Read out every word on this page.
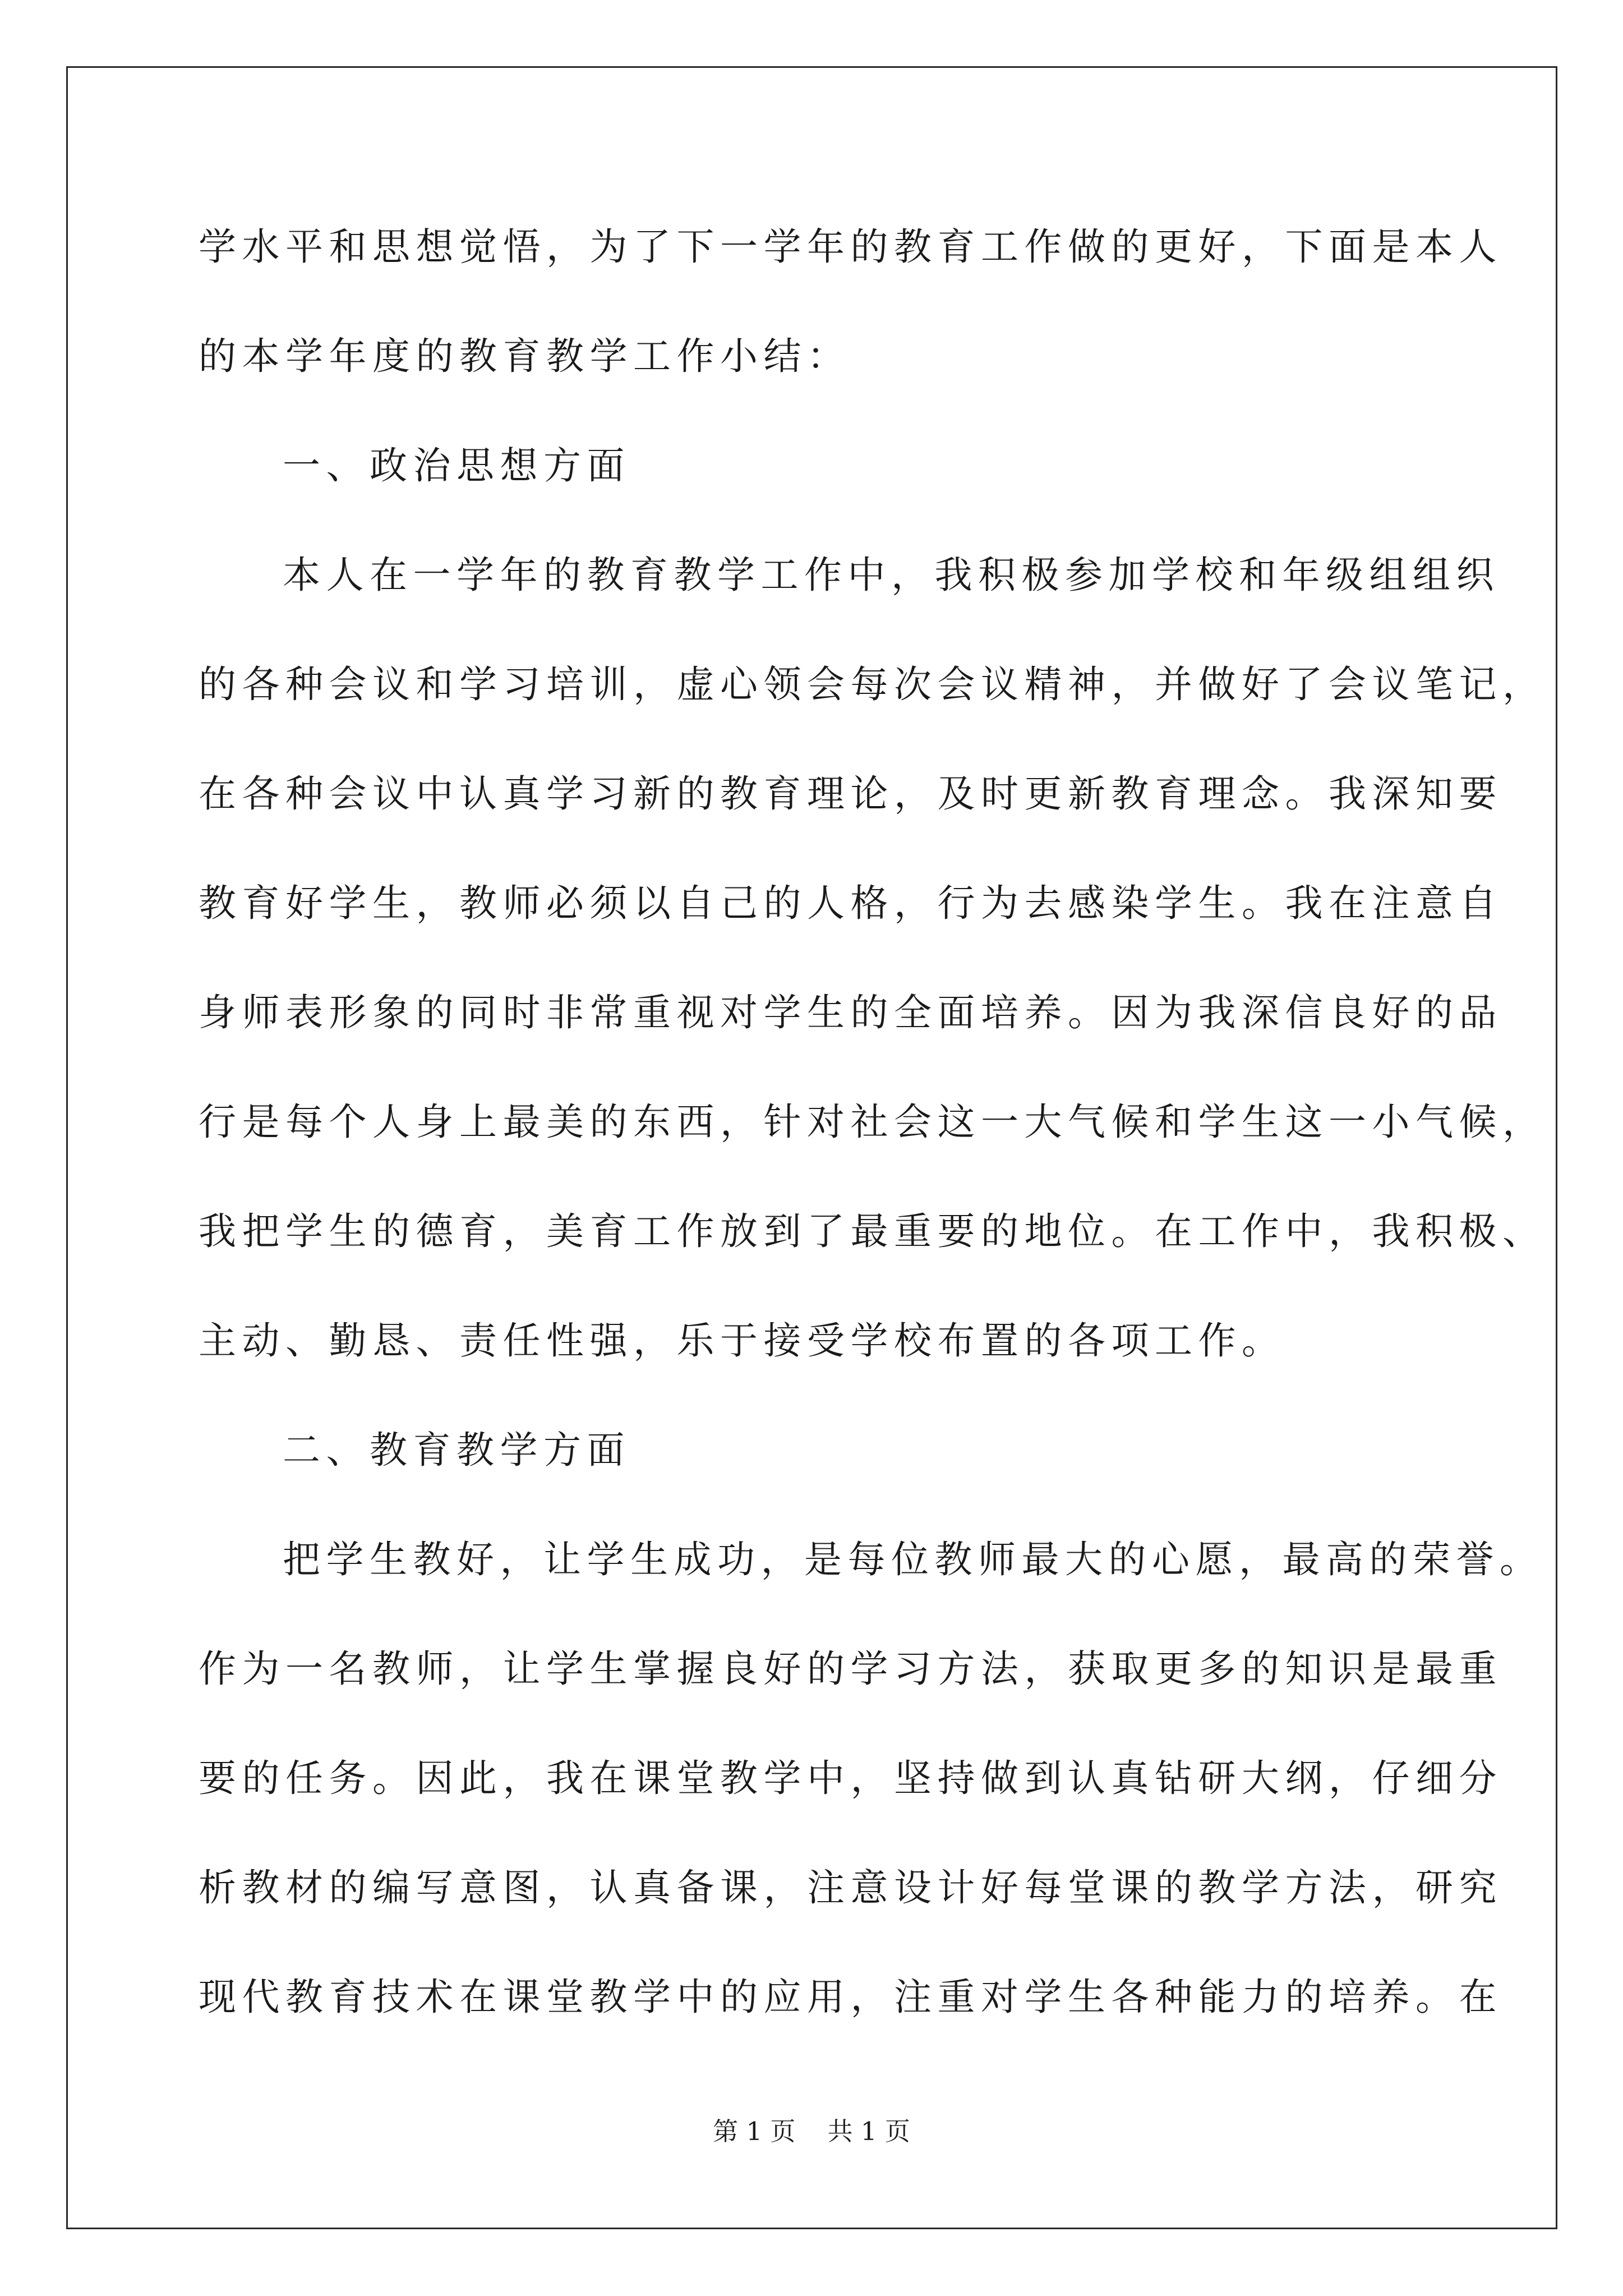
学水平和思想觉悟，为了下一学年的教育工作做的更好，下面是本人
的本学年度的教育教学工作小结：
一、政治思想方面
本人在一学年的教育教学工作中，我积极参加学校和年级组组织
的各种会议和学习培训，虚心领会每次会议精神，并做好了会议笔记，
在各种会议中认真学习新的教育理论，及时更新教育理念。我深知要
教育好学生，教师必须以自己的人格，行为去感染学生。我在注意自
身师表形象的同时非常重视对学生的全面培养。因为我深信良好的品
行是每个人身上最美的东西，针对社会这一大气候和学生这一小气候，
我把学生的德育，美育工作放到了最重要的地位。在工作中，我积极、
主动、勤恳、责任性强，乐于接受学校布置的各项工作。
二、教育教学方面
把学生教好，让学生成功，是每位教师最大的心愿，最高的荣誉。
作为一名教师，让学生掌握良好的学习方法，获取更多的知识是最重
要的任务。因此，我在课堂教学中，坚持做到认真钻研大纲，仔细分
析教材的编写意图，认真备课，注意设计好每堂课的教学方法，研究
现代教育技术在课堂教学中的应用，注重对学生各种能力的培养。在
第 1 页    共 1 页
